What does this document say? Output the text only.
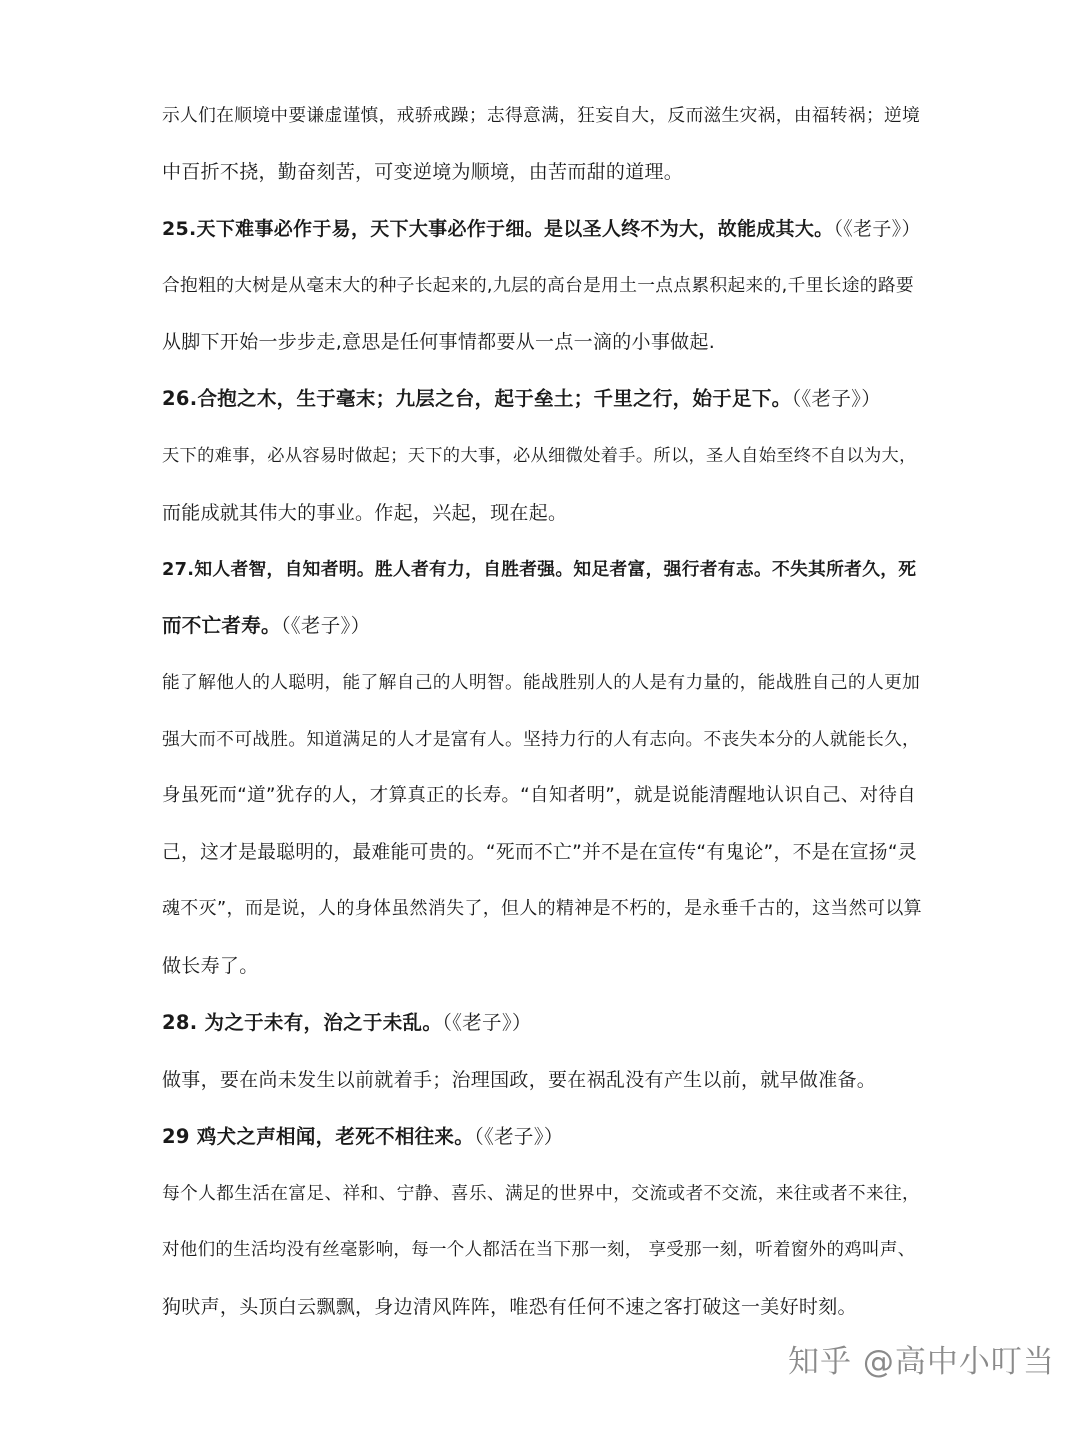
示人们在顺境中要谦虚谨慎，戒骄戒躁；志得意满，狂妄自大，反而滋生灾祸，由福转祸；逆境
中百折不挠，勤奋刻苦，可变逆境为顺境，由苦而甜的道理。
25.天下难事必作于易，天下大事必作于细。是以圣人终不为大，故能成其大。（《老子》）
合抱粗的大树是从毫末大的种子长起来的,九层的高台是用土一点点累积起来的,千里长途的路要
从脚下开始一步步走,意思是任何事情都要从一点一滴的小事做起.
26.合抱之木，生于毫末；九层之台，起于垒土；千里之行，始于足下。（《老子》）
天下的难事，必从容易时做起；天下的大事，必从细微处着手。所以，圣人自始至终不自以为大，
而能成就其伟大的事业。作起，兴起，现在起。
27.知人者智，自知者明。胜人者有力，自胜者强。知足者富，强行者有志。不失其所者久，死
而不亡者寿。（《老子》）
能了解他人的人聪明，能了解自己的人明智。能战胜别人的人是有力量的，能战胜自己的人更加
强大而不可战胜。知道满足的人才是富有人。坚持力行的人有志向。不丧失本分的人就能长久，
身虽死而“道”犹存的人，才算真正的长寿。“自知者明”，就是说能清醒地认识自己、对待自
己，这才是最聪明的，最难能可贵的。“死而不亡”并不是在宣传“有鬼论”，不是在宣扬“灵
魂不灭”，而是说，人的身体虽然消失了，但人的精神是不朽的，是永垂千古的，这当然可以算
做长寿了。
28. 为之于未有，治之于未乱。（《老子》）
做事，要在尚未发生以前就着手；治理国政，要在祸乱没有产生以前，就早做准备。
29 鸡犬之声相闻，老死不相往来。（《老子》）
每个人都生活在富足、祥和、宁静、喜乐、满足的世界中，交流或者不交流，来往或者不来往，
对他们的生活均没有丝毫影响，每一个人都活在当下那一刻， 享受那一刻，听着窗外的鸡叫声、
狗吠声，头顶白云飘飘，身边清风阵阵，唯恐有任何不速之客打破这一美好时刻。
知乎 @高中小叮当
